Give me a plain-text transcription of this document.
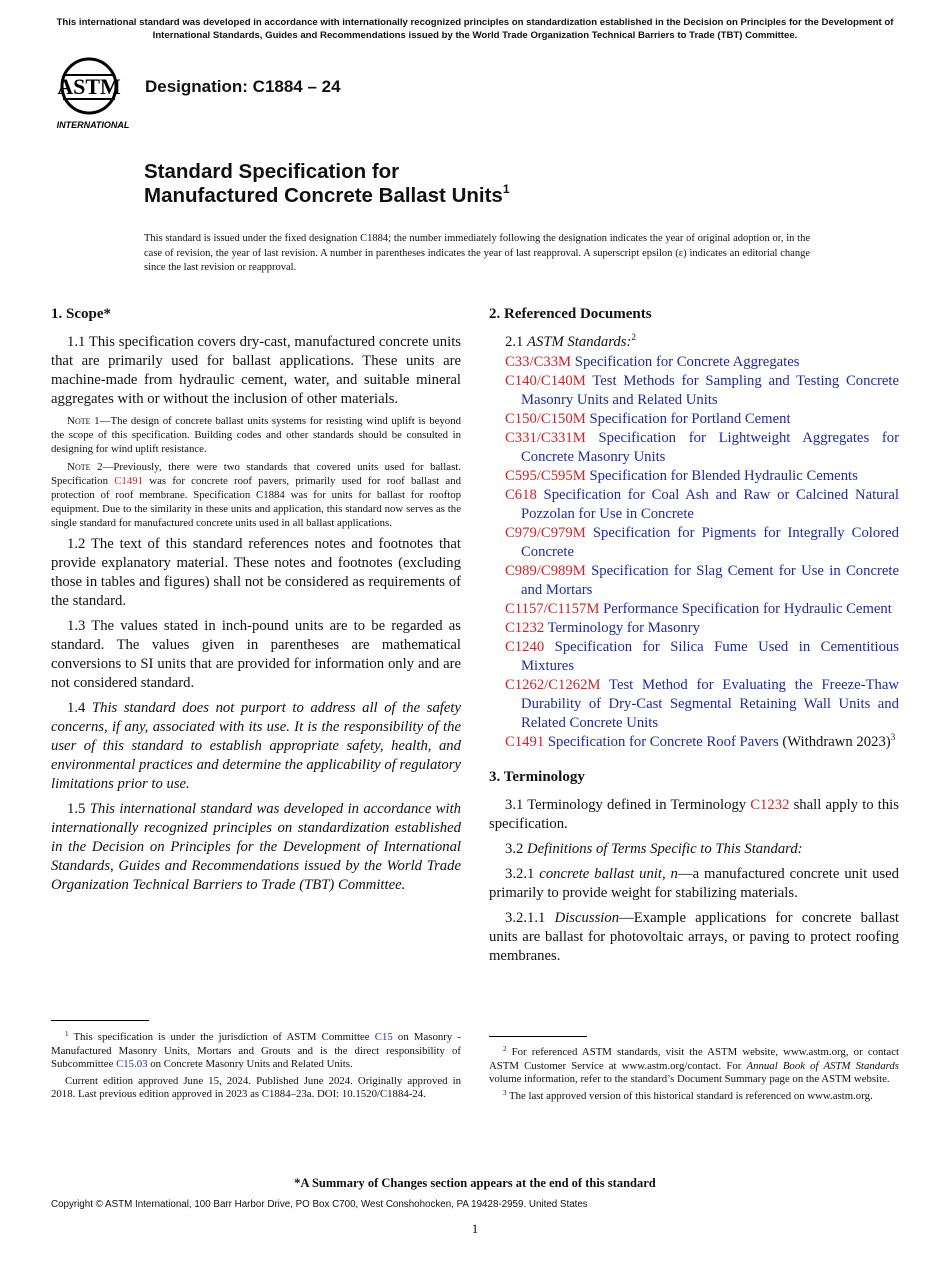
This international standard was developed in accordance with internationally recognized principles on standardization established in the Decision on Principles for the Development of International Standards, Guides and Recommendations issued by the World Trade Organization Technical Barriers to Trade (TBT) Committee.
ASTM
INTERNATIONAL
Designation: C1884 – 24
Standard Specification for
Manufactured Concrete Ballast Units$^1$
This standard is issued under the fixed designation C1884; the number immediately following the designation indicates the year of original adoption or, in the case of revision, the year of last revision. A number in parentheses indicates the year of last reapproval. A superscript epsilon (ε) indicates an editorial change since the last revision or reapproval.
1. Scope*

1.1 This specification covers dry-cast, manufactured concrete units that are primarily used for ballast applications. These units are machine-made from hydraulic cement, water, and suitable mineral aggregates with or without the inclusion of other materials.

Note 1—The design of concrete ballast units systems for resisting wind uplift is beyond the scope of this specification. Building codes and other standards should be consulted in designing for wind uplift resistance.

Note 2—Previously, there were two standards that covered units used for ballast. Specification C1491 was for concrete roof pavers, primarily used for roof ballast and protection of roof membrane. Specification C1884 was for units for ballast for rooftop equipment. Due to the similarity in these units and application, this standard now serves as the single standard for manufactured concrete units used in all ballast applications.

1.2 The text of this standard references notes and footnotes that provide explanatory material. These notes and footnotes (excluding those in tables and figures) shall not be considered as requirements of the standard.

1.3 The values stated in inch-pound units are to be regarded as standard. The values given in parentheses are mathematical conversions to SI units that are provided for information only and are not considered standard.

1.4 This standard does not purport to address all of the safety concerns, if any, associated with its use. It is the responsibility of the user of this standard to establish appropriate safety, health, and environmental practices and determine the applicability of regulatory limitations prior to use.

1.5 This international standard was developed in accordance with internationally recognized principles on standardization established in the Decision on Principles for the Development of International Standards, Guides and Recommendations issued by the World Trade Organization Technical Barriers to Trade (TBT) Committee.

2. Referenced Documents
2.1 ASTM Standards:$^2$
C33/C33M Specification for Concrete Aggregates
C140/C140M Test Methods for Sampling and Testing Concrete Masonry Units and Related Units
C150/C150M Specification for Portland Cement
C331/C331M Specification for Lightweight Aggregates for Concrete Masonry Units
C595/C595M Specification for Blended Hydraulic Cements
C618 Specification for Coal Ash and Raw or Calcined Natural Pozzolan for Use in Concrete
C979/C979M Specification for Pigments for Integrally Colored Concrete
C989/C989M Specification for Slag Cement for Use in Concrete and Mortars
C1157/C1157M Performance Specification for Hydraulic Cement
C1232 Terminology for Masonry
C1240 Specification for Silica Fume Used in Cementitious Mixtures
C1262/C1262M Test Method for Evaluating the Freeze-Thaw Durability of Dry-Cast Segmental Retaining Wall Units and Related Concrete Units
C1491 Specification for Concrete Roof Pavers (Withdrawn 2023)$^3$
3. Terminology

3.1 Terminology defined in Terminology C1232 shall apply to this specification.

3.2 Definitions of Terms Specific to This Standard:

3.2.1 concrete ballast unit, n—a manufactured concrete unit used primarily to provide weight for stabilizing materials.

3.2.1.1 Discussion—Example applications for concrete ballast units are ballast for photovoltaic arrays, or paving to protect roofing membranes.

$^1$ This specification is under the jurisdiction of ASTM Committee C15 on Masonry - Manufactured Masonry Units, Mortars and Grouts and is the direct responsibility of Subcommittee C15.03 on Concrete Masonry Units and Related Units.

Current edition approved June 15, 2024. Published June 2024. Originally approved in 2018. Last previous edition approved in 2023 as C1884–23a. DOI: 10.1520/C1884-24.

$^2$ For referenced ASTM standards, visit the ASTM website, www.astm.org, or contact ASTM Customer Service at www.astm.org/contact. For Annual Book of ASTM Standards volume information, refer to the standard’s Document Summary page on the ASTM website.

$^3$ The last approved version of this historical standard is referenced on www.astm.org.

*A Summary of Changes section appears at the end of this standard
Copyright © ASTM International, 100 Barr Harbor Drive, PO Box C700, West Conshohocken, PA 19428-2959. United States
1
